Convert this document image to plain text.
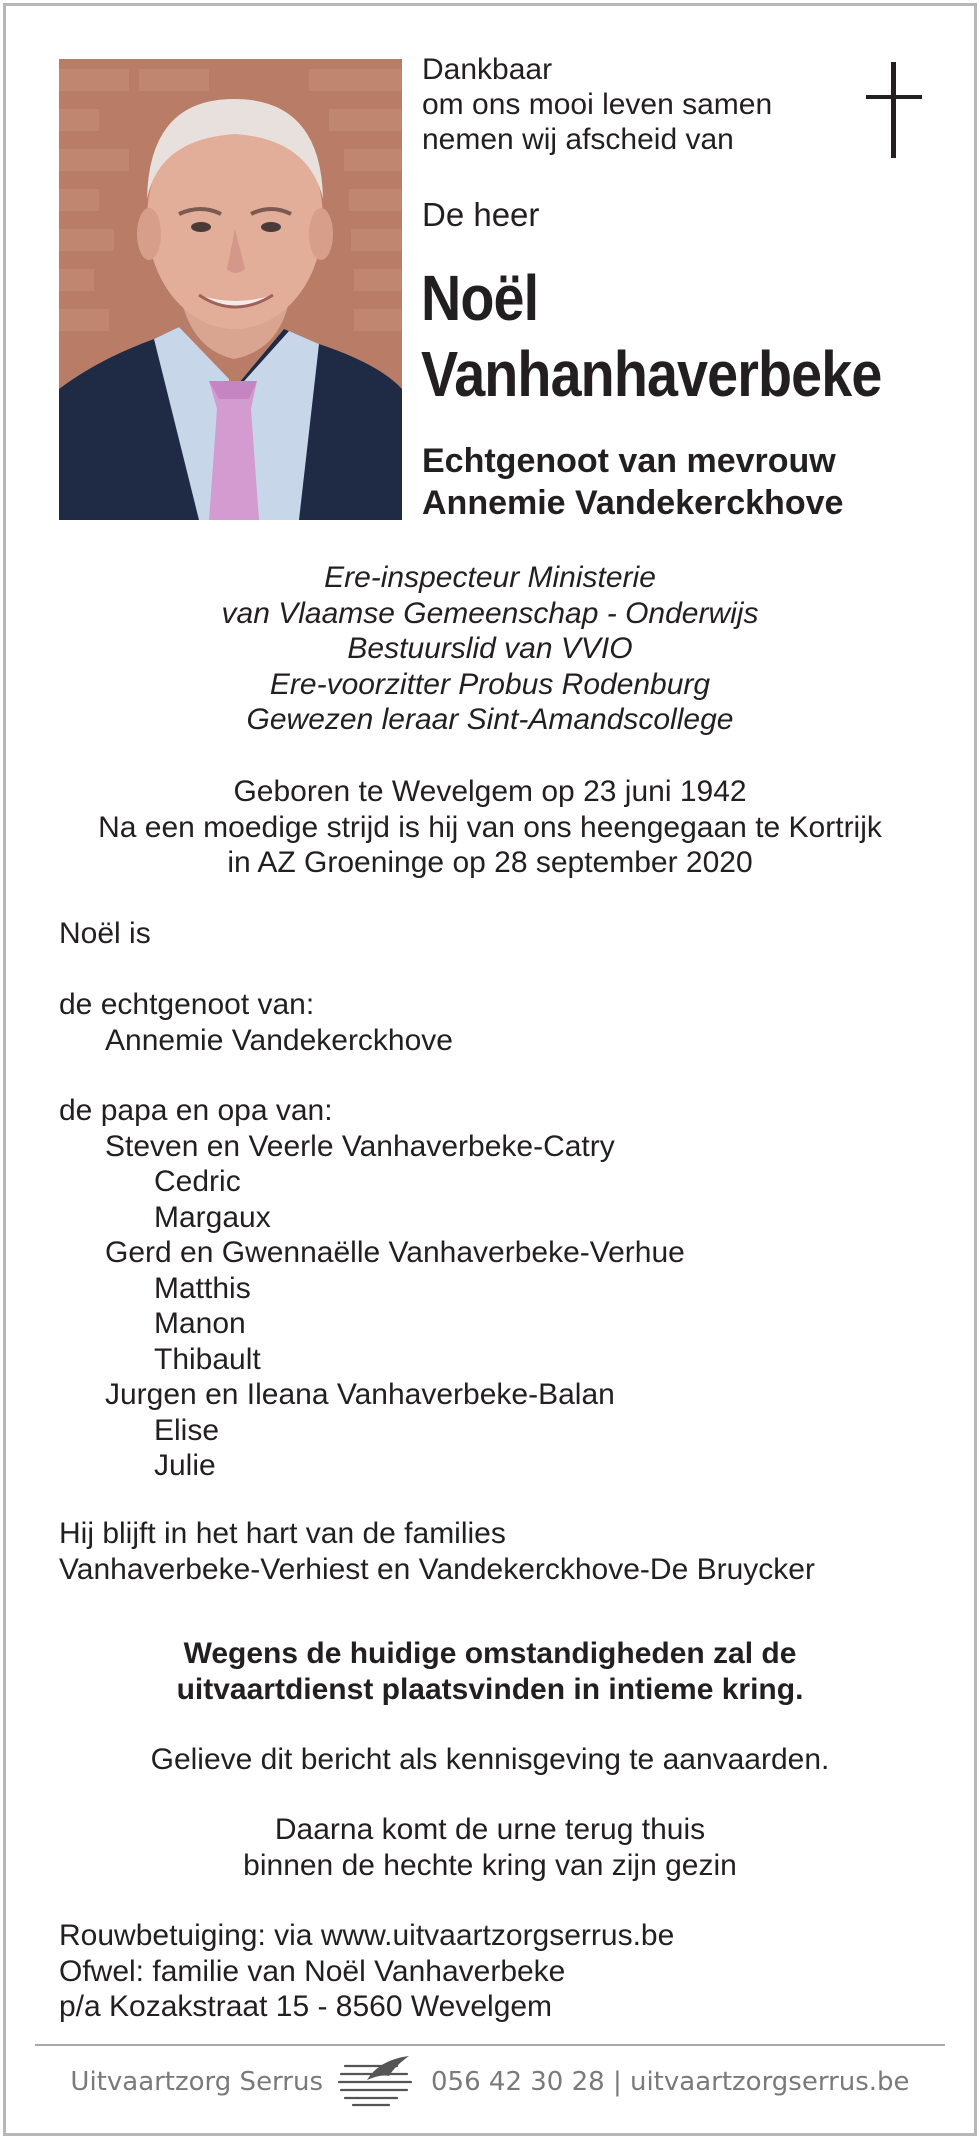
Dankbaar
om ons mooi leven samen
nemen wij afscheid van
De heer
Noël
Vanhanhaverbeke
Echtgenoot van mevrouw
Annemie Vandekerckhove
Ere-inspecteur Ministerie
van Vlaamse Gemeenschap - Onderwijs
Bestuurslid van VVIO
Ere-voorzitter Probus Rodenburg
Gewezen leraar Sint-Amandscollege
Geboren te Wevelgem op 23 juni 1942
Na een moedige strijd is hij van ons heengegaan te Kortrijk
in AZ Groeninge op 28 september 2020
Noël is
de echtgenoot van:
Annemie Vandekerckhove
de papa en opa van:
Steven en Veerle Vanhaverbeke-Catry
Cedric
Margaux
Gerd en Gwennaëlle Vanhaverbeke-Verhue
Matthis
Manon
Thibault
Jurgen en Ileana Vanhaverbeke-Balan
Elise
Julie
Hij blijft in het hart van de families
Vanhaverbeke-Verhiest en Vandekerckhove-De Bruycker
Wegens de huidige omstandigheden zal de
uitvaartdienst plaatsvinden in intieme kring.
Gelieve dit bericht als kennisgeving te aanvaarden.
Daarna komt de urne terug thuis
binnen de hechte kring van zijn gezin
Rouwbetuiging: via www.uitvaartzorgserrus.be
Ofwel: familie van Noël Vanhaverbeke
p/a Kozakstraat 15 - 8560 Wevelgem
Uitvaartzorg Serrus	056 42 30 28 | uitvaartzorgserrus.be
